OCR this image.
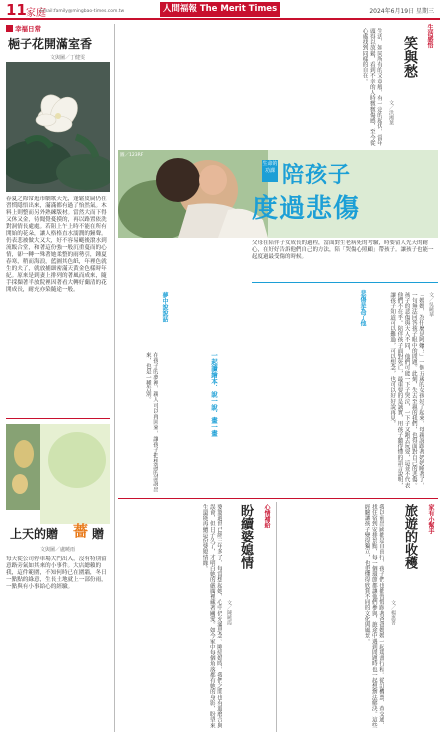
11 家庭
Email:family@mingbao-times.com.tw	人間福報 The Merit Times	2024年6月19日 星期三
幸福日常
梔子花開滿室香
文與圖／丁健雯
春夏之際常逛市劇歌天光，蓬鬆皮扁仍在習慣隱悟出來，滿滿都有過了怡然氣。木料上則整而另外熟練版材。當然大而下得又休又金，待聞覺憂摸的，再以路置依洗對洞情長處處。若阻上午上時不能在所有開始的花朵，讓人格格直水濡潤的鐘聲。仍表悲被做大又大，好不容易颳後滾水到流飯合堂，和著這份強一般沉重蔓而的心情，卻一轉一殊著她柔整的雨勢引，鍾夏春寒，稍而海浪，藍圖其色紙，年裡色就生的夫了，就放捕細密滿天黃金色樣時年紀。原來是到妻上排列的著風而成來，隨手採擷著半放院裡因著看大轉好蘭清的花開成長，耐充亦染隨途一般。
上天的贈 薔 贈
文與圖／盧曉雨
每天從公司停車場大門出入，沒有特別留意路旁氣如其來的小事件。大店總賴的我，這件範圍，不知何時已在圍牆，冬日一點點的綠意，生長土地就上一部份雨，一點與有小事給心的經驗。
生活感悟
笑與愁
文／洪湘葉
生活，如同所有的文章般，有一定的起伏，當年頭得以放鬆，看到不幸的人時微微傷感，至今從心處找到同樣的自在。
圖／123RF
生命的功課 陪孩子
度過悲傷
父母在陪伴子女成長的過程，當面對生老病死的考驗，時要留人先天的耐心，在好好告訴他們自己的方法，陪「哭傷心照顧」帶孩子。讓孩子也能一起度過最受傷的時候。
文／吳曉華
「媽媽，為什麼是阿嬤？」一個五歲的女孩好了起來，母親說跟著奶奶睡著了，一句無法回答孩子眼中的問題。此刻，失去至親的我們，也得面對自己的悲傷。孩子的悲傷與大人不同，他們可能一下子哭泣，一下子又跑去玩耍，這並不代表他們不在乎。陪伴孩子面對死亡，最重要的是誠實，用孩子聽得懂的語言說明，讓孩子知道可以難過，可以想念，也可以好好說再見。
悲傷是為了他
一起讀繪本．說一說．畫一畫
夢中說說話
在孩子的夢裡，親人可以再回來，讓孩子把想說的話說出來，也是一種告別。
家有小幫手
旅遊的收穫
文／楊惠菁
我以前出國都是自由行，孩子們也都習慣跟著爸爸媽媽一起規畫行程。從訂機票、查交通、找住宿到安排景點，每一個環節都讓他們參與，旅途中遇到問題時也一起想辦法解決。這些經驗讓孩子變得獨立，也更懂得欣賞不同的文化與風景。
心情補給
盼續婆媳情
文／陳曉霞
婆婆過世已經三年多了，每當想起她，心中仍充滿思念。剛結婚時，我們之間也有過磨合與誤會，但日子久了，才明白她的嚴厲裡藏著關愛。如今家中每個角落都有她的身影，盼望來生還能再續這份婆媳情緣。
